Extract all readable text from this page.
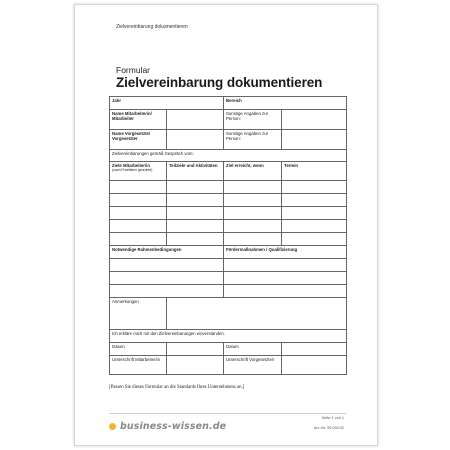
Zielvereinbarung dokumentieren
Formular
Zielvereinbarung dokumentieren
Jahr		Bereich	
Name Mitarbeiterin/ Mitarbeiter		Sonstige Angaben zur Person:	
Name Vorgesetzte/ Vorgesetzter		Sonstige Angaben zur Person:	
Zielvereinbarungen gemäß Gespräch vom:			
Ziele Mitarbeiter/in
(nach Prioritäten geordnet)	Teilziele und Aktivitäten	Ziel erreicht, wenn	Termin

Notwendige Rahmenbedingungen		Fördermaßnahmen / Qualifizierung	

Anmerkungen			
Ich erkläre mich mit den Zielvereinbarungen einverstanden.			
Datum		Datum	
Unterschrift Mitarbeiter/in		Unterschrift Vorgesetzte/r	
[Passen Sie dieses Formular an die Standards Ihres Unternehmens an.]
business-wissen.de
Seite 1 von 1
Art.-Nr. 99.094.02
